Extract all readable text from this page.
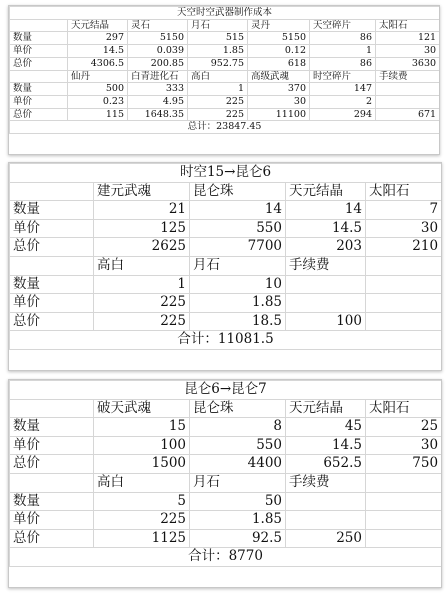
天空时空武器制作成本						
	天元结晶	灵石	月石	灵丹	天空碎片	太阳石
数量	297	5150	515	5150	86	121
单价	14.5	0.039	1.85	0.12	1	30
总价	4306.5	200.85	952.75	618	86	3630
	仙丹	白青进化石	高白	高级武魂	时空碎片	手续费
数量	500	333	1	370	147	
单价	0.23	4.95	225	30	2	
总价	115	1648.35	225	11100	294	671
总计：23847.45						
时空15→昆仑6				
	建元武魂	昆仑珠	天元结晶	太阳石
数量	21	14	14	7
单价	125	550	14.5	30
总价	2625	7700	203	210
	高白	月石	手续费	
数量	1	10		
单价	225	1.85		
总价	225	18.5	100	
合计：11081.5				
昆仑6→昆仑7				
	破天武魂	昆仑珠	天元结晶	太阳石
数量	15	8	45	25
单价	100	550	14.5	30
总价	1500	4400	652.5	750
	高白	月石	手续费	
数量	5	50		
单价	225	1.85		
总价	1125	92.5	250	
合计：8770				
